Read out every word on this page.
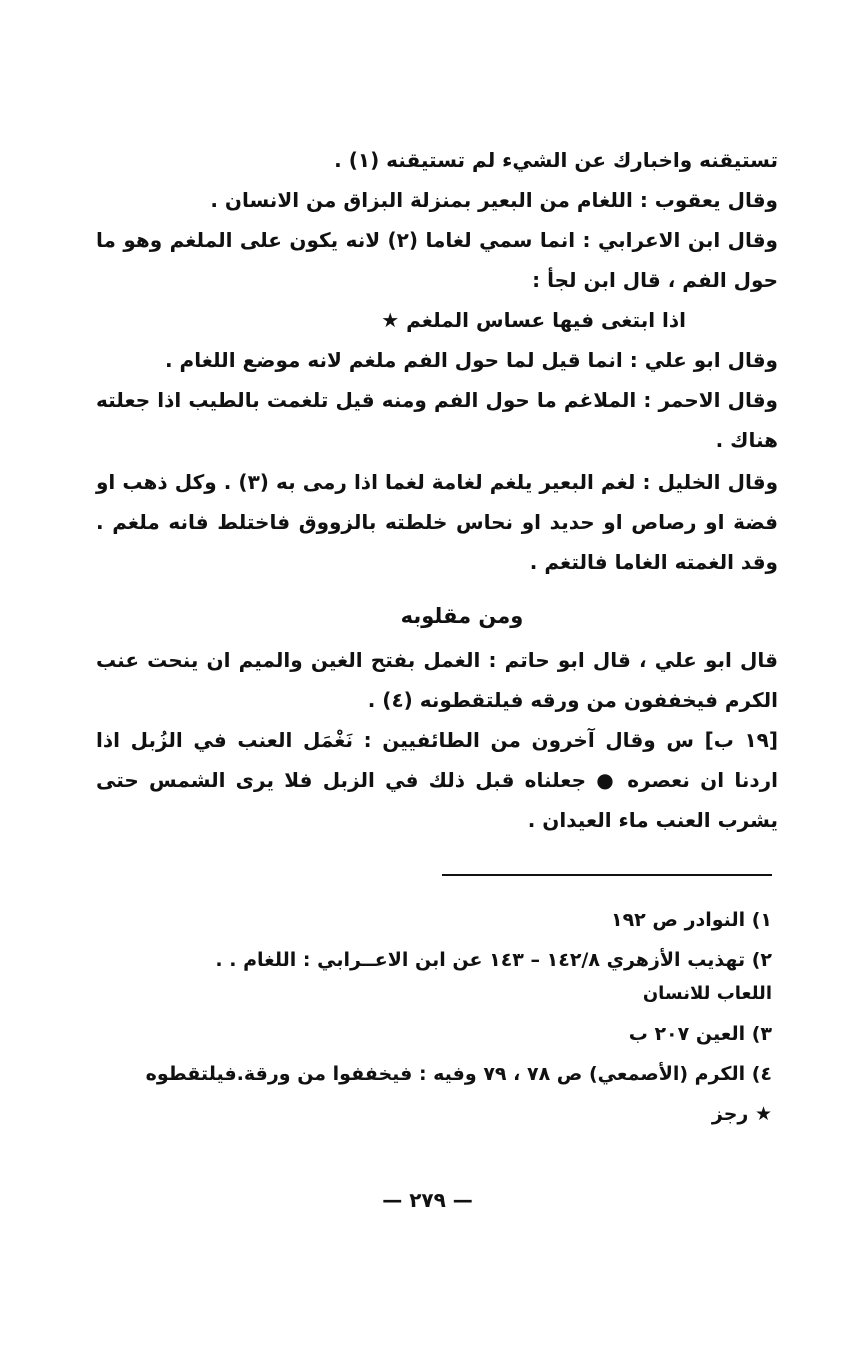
تستيقنه واخبارك عن الشيء لم تستيقنه (١) .

وقال يعقوب : اللغام من البعير بمنزلة البزاق من الانسان .

وقال ابن الاعرابي : انما سمي لغاما (٢) لانه يكون على الملغم وهو ما حول الفم ، قال ابن لجأ :

اذا ابتغى فيها عساس الملغم ★

وقال ابو علي : انما قيل لما حول الفم ملغم لانه موضع اللغام .

وقال الاحمر : الملاغم ما حول الفم ومنه قيل تلغمت بالطيب اذا جعلته هناك .

وقال الخليل : لغم البعير يلغم لغامة لغما اذا رمى به (٣) . وكل ذهب او فضة او رصاص او حديد او نحاس خلطته بالزووق فاختلط فانه ملغم . وقد الغمته الغاما فالتغم .

ومن مقلوبه

قال ابو علي ، قال ابو حاتم : الغمل بفتح الغين والميم ان ينحت عنب الكرم فيخففون من ورقه فيلتقطونه (٤) .

[١٩ ب] س وقال آخرون من الطائفيين : نَغْمَل العنب في الزُبل اذا اردنا ان نعصره ● جعلناه قبل ذلك في الزبل فلا يرى الشمس حتى يشرب العنب ماء العيدان .

١) النوادر ص ١٩٢

٢) تهذيب الأزهري ١٤٢/٨ – ١٤٣ عن ابن الاعــرابي : اللغام . .

اللعاب للانسان

٣) العين ٢٠٧ ب

٤) الكرم (الأصمعي) ص ٧٨ ، ٧٩ وفيه : فيخففوا من ورقة.فيلتقطوه

★ رجز

— ٢٧٩ —
